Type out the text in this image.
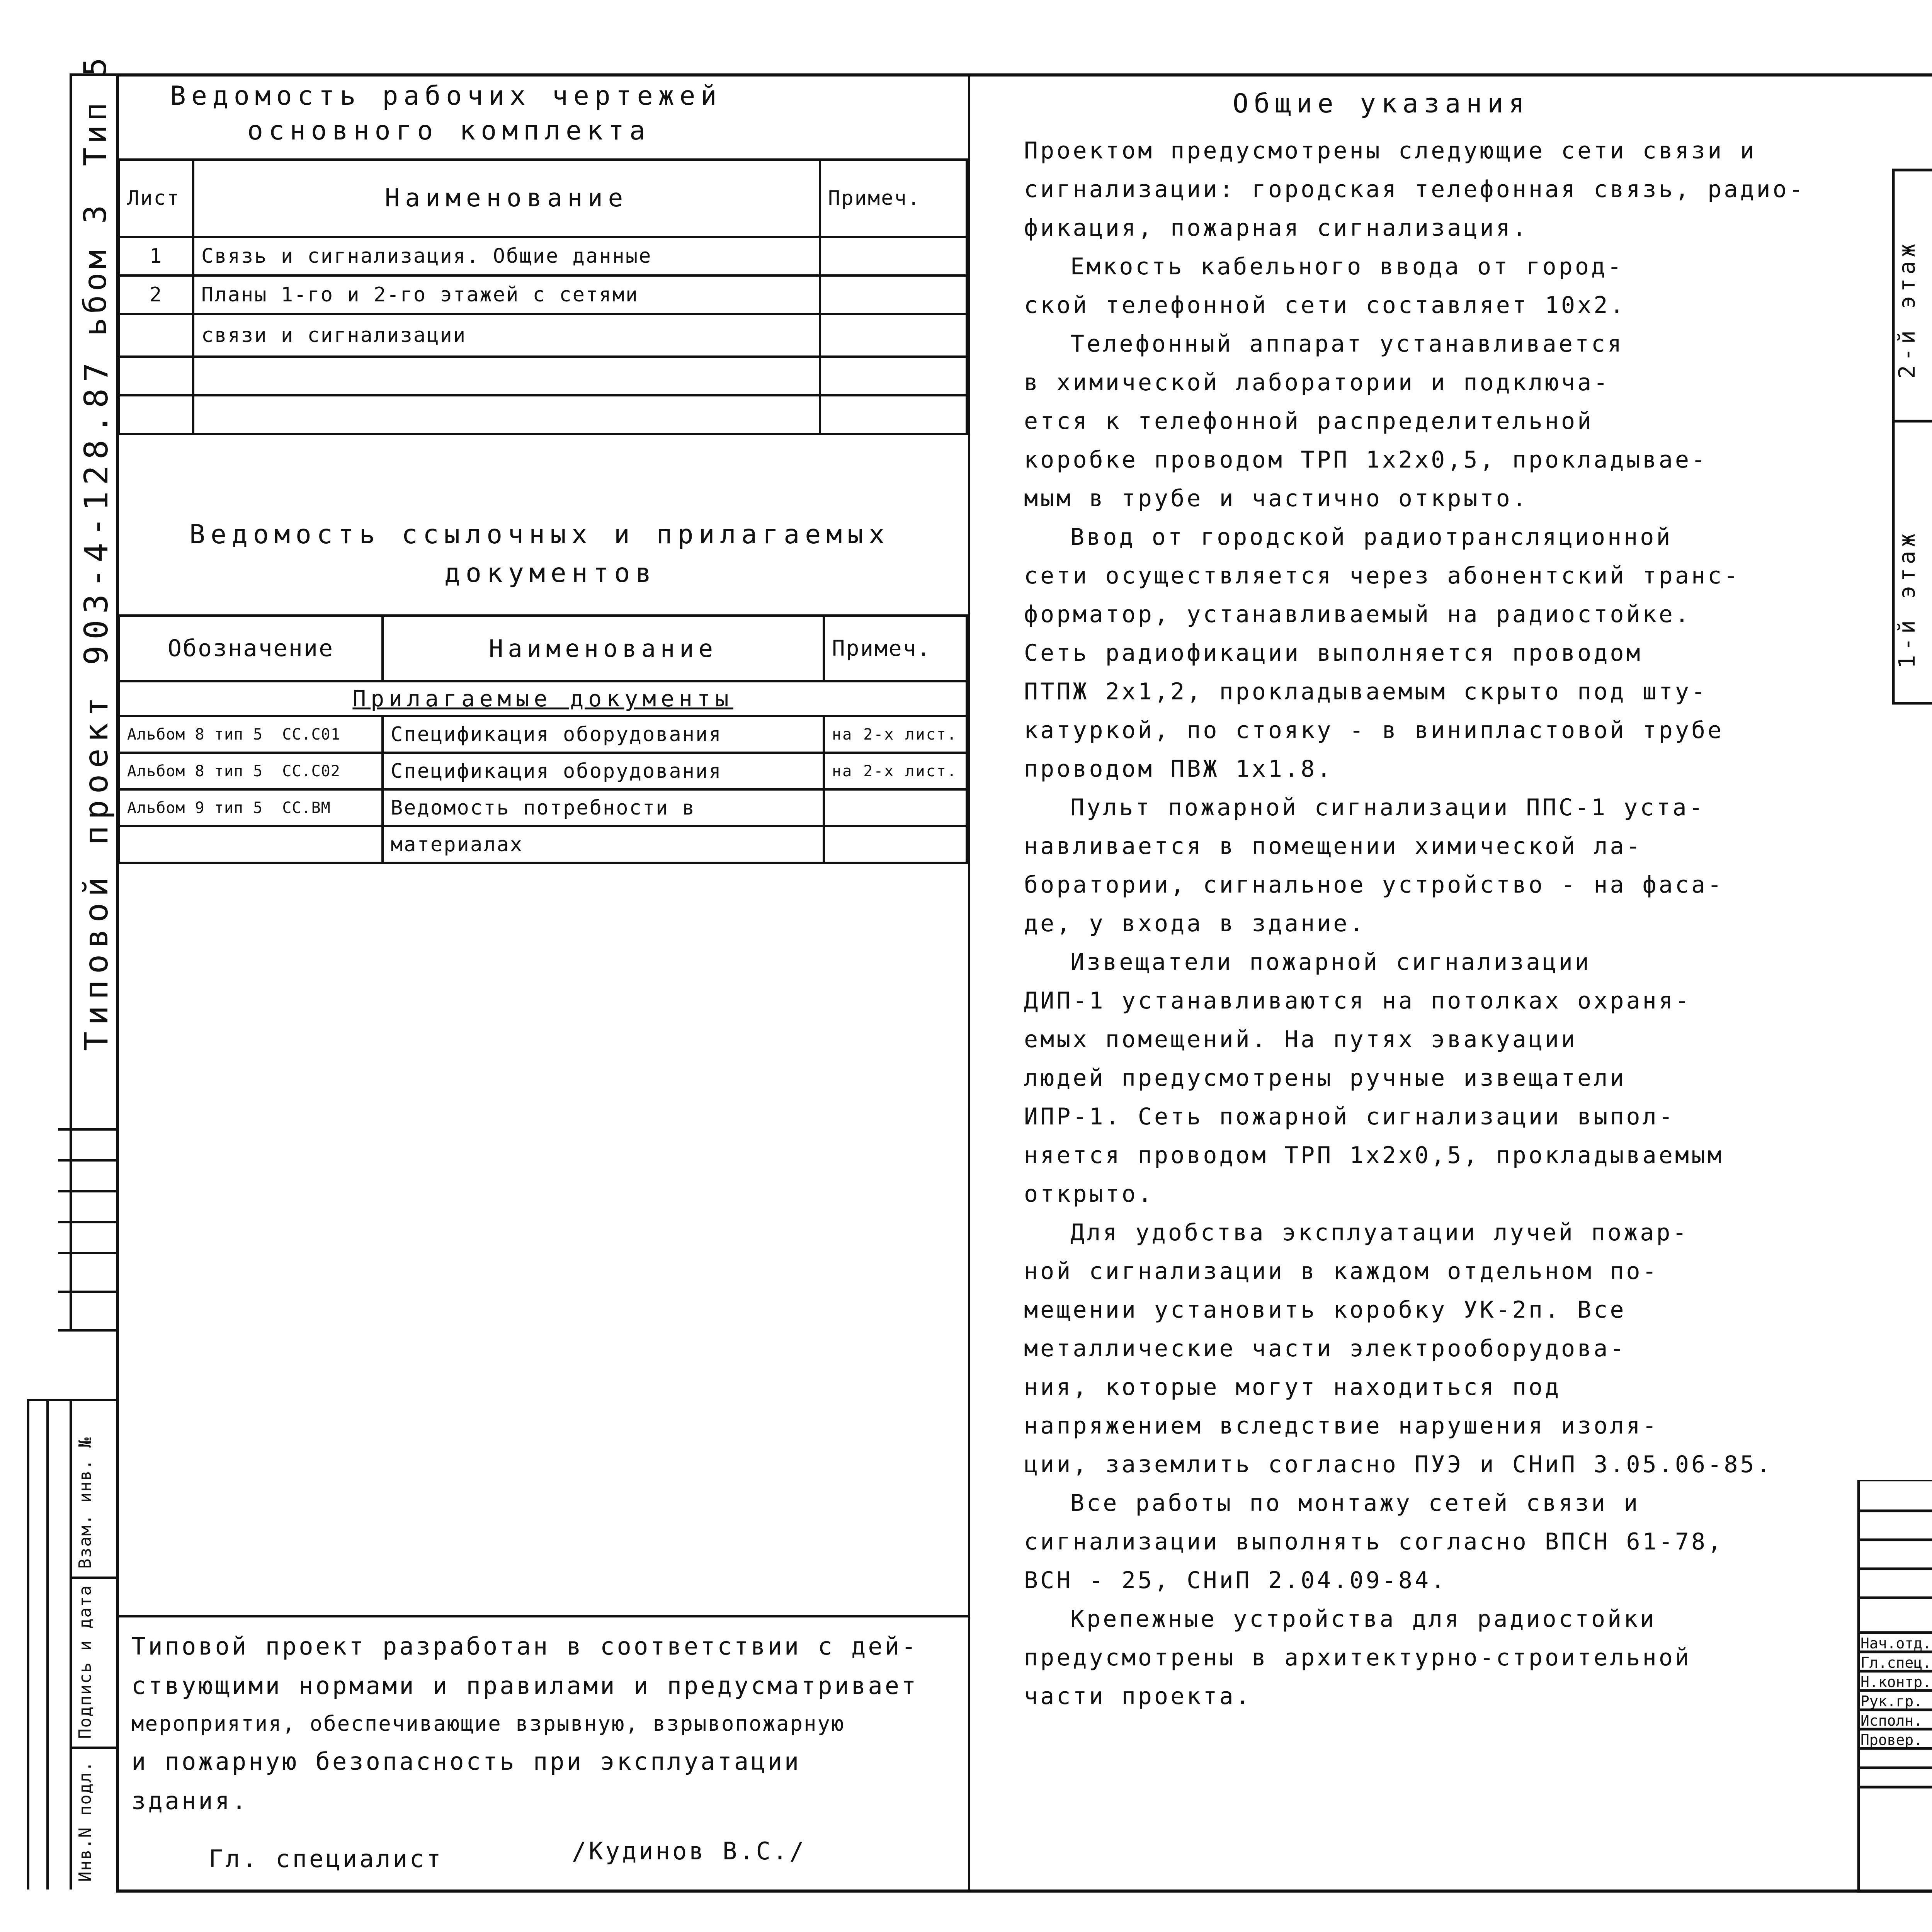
Тип 5
ьбом 3
Типовой проект 903-4-128.87
Инв.N подл.
Подпись и дата
Взам. инв. №
Ведомость рабочих чертежей
основного комплекта
Лист	Наименование	Примеч.
1	Связь и сигнализация. Общие данные	
2	Планы 1-го и 2-го этажей с сетями	
	связи и сигнализации	

Ведомость ссылочных и прилагаемых
документов
Обозначение	Наименование	Примеч.
Прилагаемые документы		
Альбом 8 тип 5 СС.С01	Спецификация оборудования	на 2-х лист.
Альбом 8 тип 5 СС.С02	Спецификация оборудования	на 2-х лист.
Альбом 9 тип 5 СС.ВМ	Ведомость потребности в	
	материалах	
Общие указания
Проектом предусмотрены следующие сети связи и
сигнализации: городская телефонная связь, радио-
фикация, пожарная сигнализация.
Емкость кабельного ввода от город-
ской телефонной сети составляет 10х2.
Телефонный аппарат устанавливается
в химической лаборатории и подключа-
ется к телефонной распределительной
коробке проводом ТРП 1х2х0,5, прокладывае-
мым в трубе и частично открыто.
Ввод от городской радиотрансляционной
сети осуществляется через абонентский транс-
форматор, устанавливаемый на радиостойке.
Сеть радиофикации выполняется проводом
ПТПЖ 2х1,2, прокладываемым скрыто под шту-
катуркой, по стояку - в винипластовой трубе
проводом ПВЖ 1х1.8.
Пульт пожарной сигнализации ППС-1 уста-
навливается в помещении химической ла-
боратории, сигнальное устройство - на фаса-
де, у входа в здание.
Извещатели пожарной сигнализации
ДИП-1 устанавливаются на потолках охраня-
емых помещений. На путях эвакуации
людей предусмотрены ручные извещатели
ИПР-1. Сеть пожарной сигнализации выпол-
няется проводом ТРП 1х2х0,5, прокладываемым
открыто.
Для удобства эксплуатации лучей пожар-
ной сигнализации в каждом отдельном по-
мещении установить коробку УК-2п. Все
металлические части электрооборудова-
ния, которые могут находиться под
напряжением вследствие нарушения изоля-
ции, заземлить согласно ПУЭ и СНиП 3.05.06-85.
Все работы по монтажу сетей связи и
сигнализации выполнять согласно ВПСН 61-78,
ВСН - 25, СНиП 2.04.09-84.
Крепежные устройства для радиостойки
предусмотрены в архитектурно-строительной
части проекта.
2-й этаж
1-й этаж
Типовой проект разработан в соответствии с дей-
ствующими нормами и правилами и предусматривает
мероприятия, обеспечивающие взрывную, взрывопожарную
и пожарную безопасность при эксплуатации
здания.
Гл. специалист	/Кудинов В.С./
Нач.отд.
Гл.спец.
Н.контр.
Рук.гр.
Исполн.
Провер.
